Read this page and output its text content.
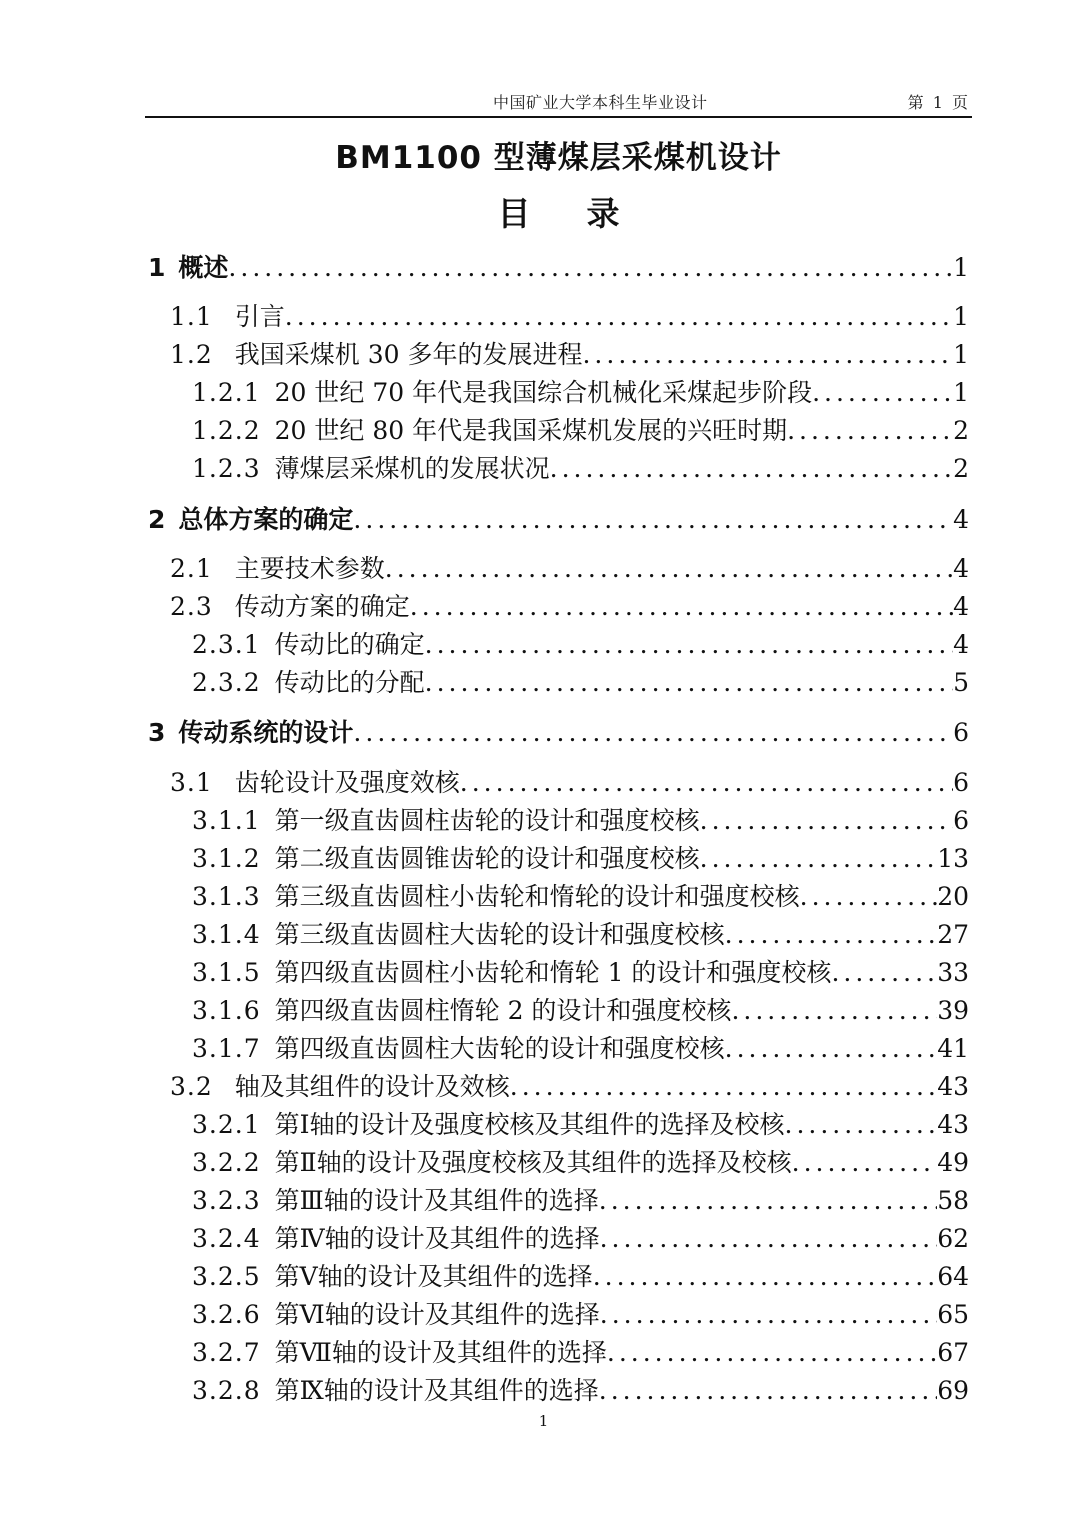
中国矿业大学本科生毕业设计	第 1 页
BM1100 型薄煤层采煤机设计
目 录
1 概述 .....	1
1.1 引言 .....	1
1.2 我国采煤机 30 多年的发展进程 .....	1
1.2.1 20 世纪 70 年代是我国综合机械化采煤起步阶段 .....	1
1.2.2 20 世纪 80 年代是我国采煤机发展的兴旺时期 .....	2
1.2.3 薄煤层采煤机的发展状况 .....	2
2 总体方案的确定 .....	4
2.1 主要技术参数 .....	4
2.3 传动方案的确定 .....	4
2.3.1 传动比的确定 .....	4
2.3.2 传动比的分配 .....	5
3 传动系统的设计 .....	6
3.1 齿轮设计及强度效核 .....	6
3.1.1 第一级直齿圆柱齿轮的设计和强度校核 .....	6
3.1.2 第二级直齿圆锥齿轮的设计和强度校核 .....	13
3.1.3 第三级直齿圆柱小齿轮和惰轮的设计和强度校核 .....	20
3.1.4 第三级直齿圆柱大齿轮的设计和强度校核 .....	27
3.1.5 第四级直齿圆柱小齿轮和惰轮 1 的设计和强度校核 .....	33
3.1.6 第四级直齿圆柱惰轮 2 的设计和强度校核 .....	39
3.1.7 第四级直齿圆柱大齿轮的设计和强度校核 .....	41
3.2 轴及其组件的设计及效核 .....	43
3.2.1 第Ⅰ轴的设计及强度校核及其组件的选择及校核 .....	43
3.2.2 第Ⅱ轴的设计及强度校核及其组件的选择及校核 .....	49
3.2.3 第Ⅲ轴的设计及其组件的选择 .....	58
3.2.4 第Ⅳ轴的设计及其组件的选择 .....	62
3.2.5 第Ⅴ轴的设计及其组件的选择 .....	64
3.2.6 第Ⅵ轴的设计及其组件的选择 .....	65
3.2.7 第Ⅶ轴的设计及其组件的选择 .....	67
3.2.8 第Ⅸ轴的设计及其组件的选择 .....	69
1
